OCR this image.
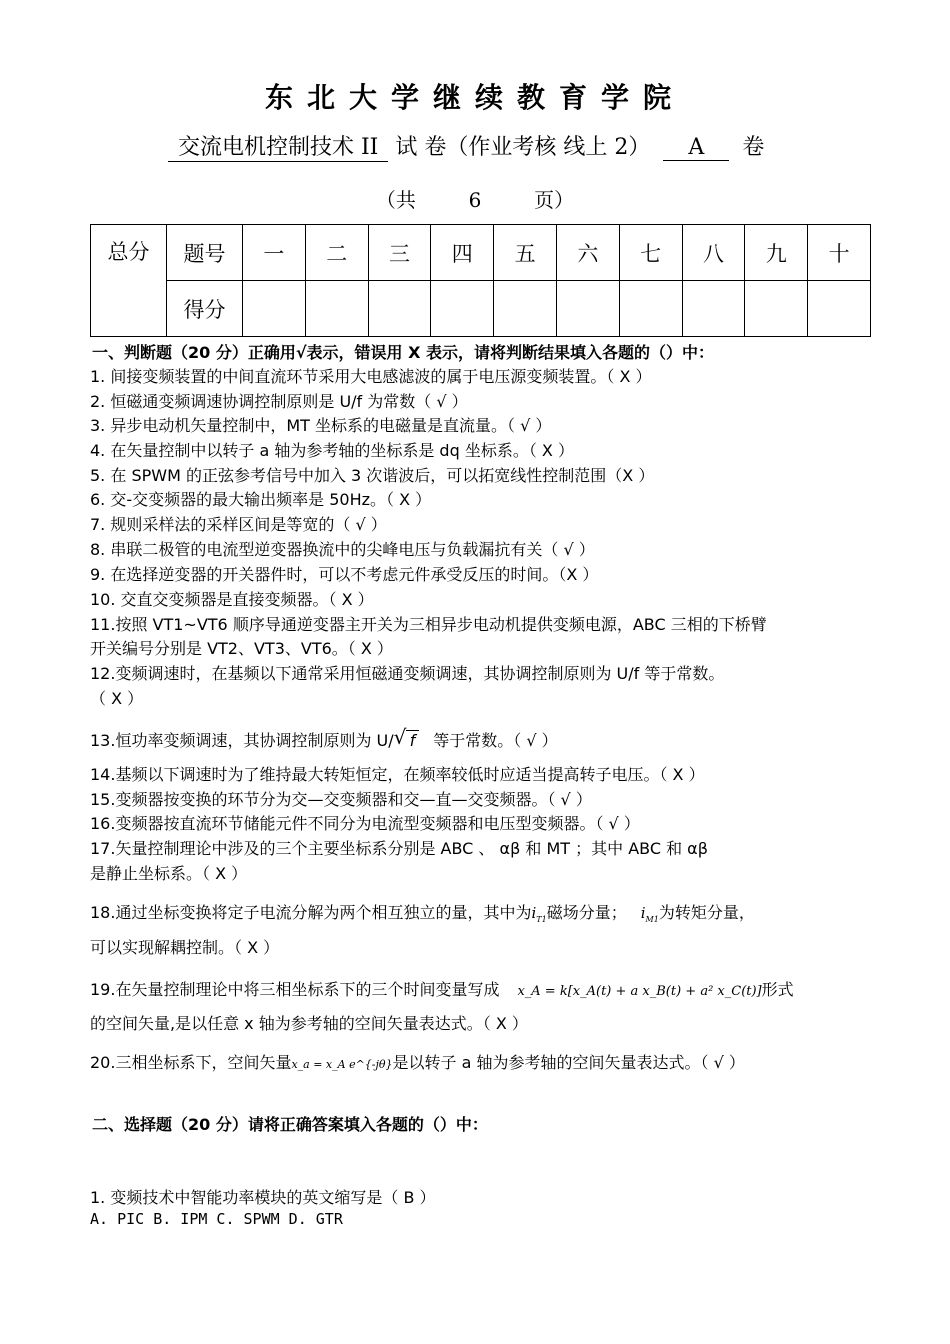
东北大学继续教育学院
交流电机控制技术 II 试 卷（作业考核 线上 2） A 卷
（共	6	页）
总分	题号	一	二	三	四	五	六	七	八	九	十
	得分										
一、判断题（20 分）正确用√表示，错误用 X 表示，请将判断结果填入各题的（）中：
1. 间接变频装置的中间直流环节采用大电感滤波的属于电压源变频装置。（ X ）
2. 恒磁通变频调速协调控制原则是 U/f 为常数（ √ ）
3. 异步电动机矢量控制中，MT 坐标系的电磁量是直流量。（ √ ）
4. 在矢量控制中以转子 a 轴为参考轴的坐标系是 dq 坐标系。（ X ）
5. 在 SPWM 的正弦参考信号中加入 3 次谐波后，可以拓宽线性控制范围（X ）
6. 交-交变频器的最大输出频率是 50Hz。（ X ）
7. 规则采样法的采样区间是等宽的（ √ ）
8. 串联二极管的电流型逆变器换流中的尖峰电压与负载漏抗有关（ √ ）
9. 在选择逆变器的开关器件时，可以不考虑元件承受反压的时间。（X ）
10. 交直交变频器是直接变频器。（ X ）
11.按照 VT1~VT6 顺序导通逆变器主开关为三相异步电动机提供变频电源，ABC 三相的下桥臂
开关编号分别是 VT2、VT3、VT6。（ X ）
12.变频调速时，在基频以下通常采用恒磁通变频调速，其协调控制原则为 U/f 等于常数。
（ X ）
13.恒功率变频调速，其协调控制原则为 U/ √ f 等于常数。（ √ ）
14.基频以下调速时为了维持最大转矩恒定，在频率较低时应适当提高转子电压。（ X ）
15.变频器按变换的环节分为交—交变频器和交—直—交变频器。（ √ ）
16.变频器按直流环节储能元件不同分为电流型变频器和电压型变频器。（ √ ）
17.矢量控制理论中涉及的三个主要坐标系分别是 ABC 、 αβ 和 MT ；其中 ABC 和 αβ
是静止坐标系。（ X ）
18.通过坐标变换将定子电流分解为两个相互独立的量，其中为$i_{T1}$磁场分量； $i_{M1}$为转矩分量，
可以实现解耦控制。（ X ）
19.在矢量控制理论中将三相坐标系下的三个时间变量写成 x_A = k[x_A(t) + a x_B(t) + a² x_C(t)]形式
的空间矢量,是以任意 x 轴为参考轴的空间矢量表达式。（ X ）
20.三相坐标系下，空间矢量x_a = x_A e^{-jθ}是以转子 a 轴为参考轴的空间矢量表达式。（ √ ）
二、选择题（20 分）请将正确答案填入各题的（）中：
1. 变频技术中智能功率模块的英文缩写是（ B ）
A. PIC B. IPM C. SPWM D. GTR
